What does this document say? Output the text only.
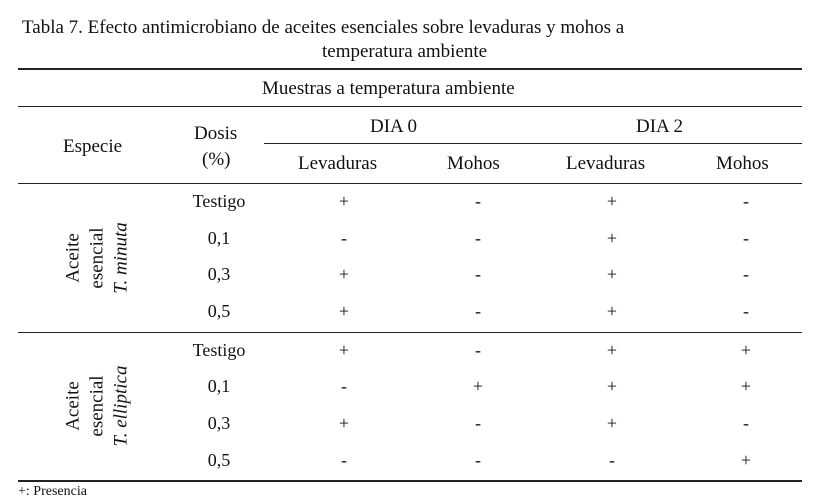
Tabla 7. Efecto antimicrobiano de aceites esenciales sobre levaduras y mohos a
temperatura ambiente
Muestras a temperatura ambiente
Especie
Dosis
(%)
DIA 0	DIA 2
Levaduras	Mohos	Levaduras	Mohos
Aceite esencial T. minuta
Testigo	+	-	+	-
0,1	-	-	+	-
0,3	+	-	+	-
0,5	+	-	+	-
Aceite esencial T. elliptica
Testigo	+	-	+	+
0,1	-	+	+	+
0,3	+	-	+	-
0,5	-	-	-	+
+: Presencia
